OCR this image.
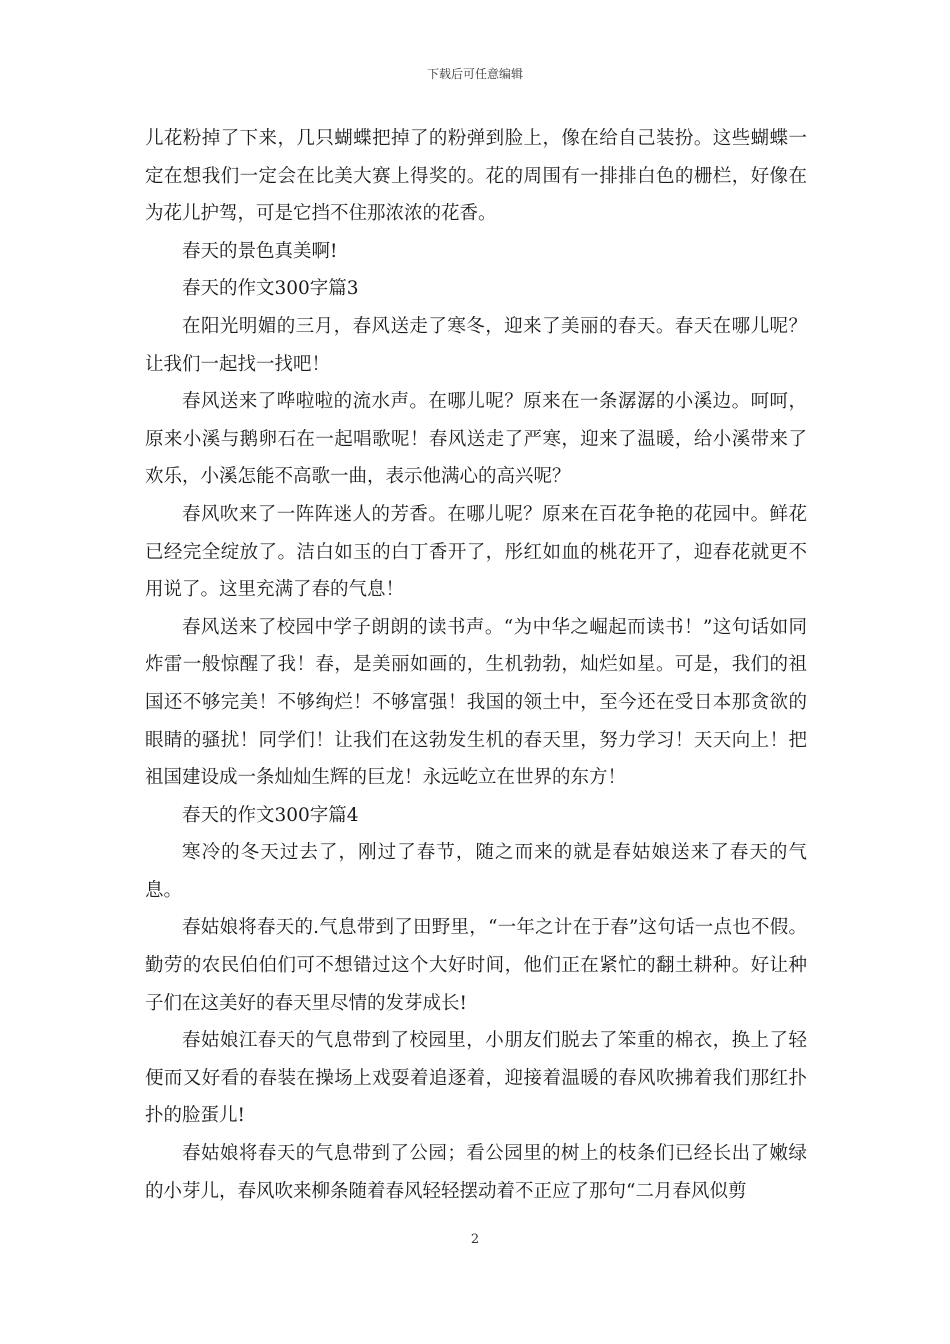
下载后可任意编辑

儿花粉掉了下来，几只蝴蝶把掉了的粉弹到脸上，像在给自己装扮。这些蝴蝶一定在想我们一定会在比美大赛上得奖的。花的周围有一排排白色的栅栏，好像在为花儿护驾，可是它挡不住那浓浓的花香。

春天的景色真美啊!

春天的作文300字篇3

在阳光明媚的三月，春风送走了寒冬，迎来了美丽的春天。春天在哪儿呢？让我们一起找一找吧！

春风送来了哗啦啦的流水声。在哪儿呢？原来在一条潺潺的小溪边。呵呵，原来小溪与鹅卵石在一起唱歌呢！春风送走了严寒，迎来了温暖，给小溪带来了欢乐，小溪怎能不高歌一曲，表示他满心的高兴呢？

春风吹来了一阵阵迷人的芳香。在哪儿呢？原来在百花争艳的花园中。鲜花已经完全绽放了。洁白如玉的白丁香开了，彤红如血的桃花开了，迎春花就更不用说了。这里充满了春的气息！

春风送来了校园中学子朗朗的读书声。“为中华之崛起而读书！”这句话如同炸雷一般惊醒了我！春，是美丽如画的，生机勃勃，灿烂如星。可是，我们的祖国还不够完美！不够绚烂！不够富强！我国的领土中，至今还在受日本那贪欲的眼睛的骚扰！同学们！让我们在这勃发生机的春天里，努力学习！天天向上！把祖国建设成一条灿灿生辉的巨龙！永远屹立在世界的东方！

春天的作文300字篇4

寒冷的冬天过去了，刚过了春节，随之而来的就是春姑娘送来了春天的气息。

春姑娘将春天的.气息带到了田野里，“一年之计在于春”这句话一点也不假。勤劳的农民伯伯们可不想错过这个大好时间，他们正在紧忙的翻土耕种。好让种子们在这美好的春天里尽情的发芽成长!

春姑娘江春天的气息带到了校园里，小朋友们脱去了笨重的棉衣，换上了轻便而又好看的春装在操场上戏耍着追逐着，迎接着温暖的春风吹拂着我们那红扑扑的脸蛋儿!

春姑娘将春天的气息带到了公园；看公园里的树上的枝条们已经长出了嫩绿的小芽儿，春风吹来柳条随着春风轻轻摆动着不正应了那句“二月春风似剪

2
